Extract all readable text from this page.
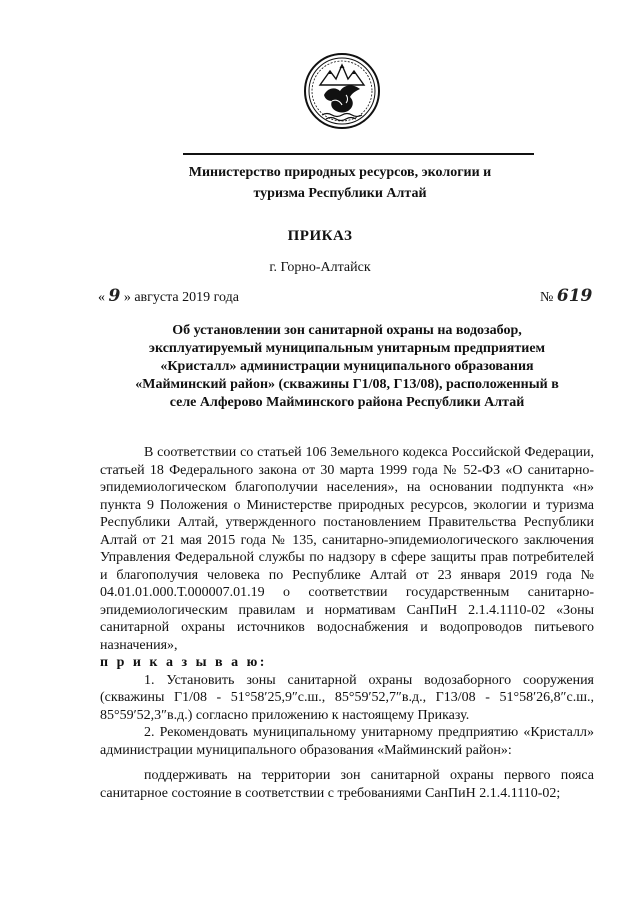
Министерство природных ресурсов, экологии и
туризма Республики Алтай
ПРИКАЗ
г. Горно-Алтайск
« 9 » августа 2019 года	№ 619
Об установлении зон санитарной охраны на водозабор,
эксплуатируемый муниципальным унитарным предприятием
«Кристалл» администрации муниципального образования
«Майминский район» (скважины Г1/08, Г13/08), расположенный в
селе Алферово Майминского района Республики Алтай

В соответствии со статьей 106 Земельного кодекса Российской Федерации, статьей 18 Федерального закона от 30 марта 1999 года № 52-ФЗ «О санитарно-эпидемиологическом благополучии населения», на основании подпункта «н» пункта 9 Положения о Министерстве природных ресурсов, экологии и туризма Республики Алтай, утвержденного постановлением Правительства Республики Алтай от 21 мая 2015 года № 135, санитарно-эпидемиологического заключения Управления Федеральной службы по надзору в сфере защиты прав потребителей и благополучия человека по Республике Алтай от 23 января 2019 года № 04.01.01.000.Т.000007.01.19 о соответствии государственным санитарно-эпидемиологическим правилам и нормативам СанПиН 2.1.4.1110-02 «Зоны санитарной охраны источников водоснабжения и водопроводов питьевого назначения»,

п р и к а з ы в а ю:

1. Установить зоны санитарной охраны водозаборного сооружения (скважины Г1/08 - 51°58′25,9″с.ш., 85°59′52,7″в.д., Г13/08 - 51°58′26,8″с.ш., 85°59′52,3″в.д.) согласно приложению к настоящему Приказу.

2. Рекомендовать муниципальному унитарному предприятию «Кристалл» администрации муниципального образования «Майминский район»:

поддерживать на территории зон санитарной охраны первого пояса санитарное состояние в соответствии с требованиями СанПиН 2.1.4.1110-02;
